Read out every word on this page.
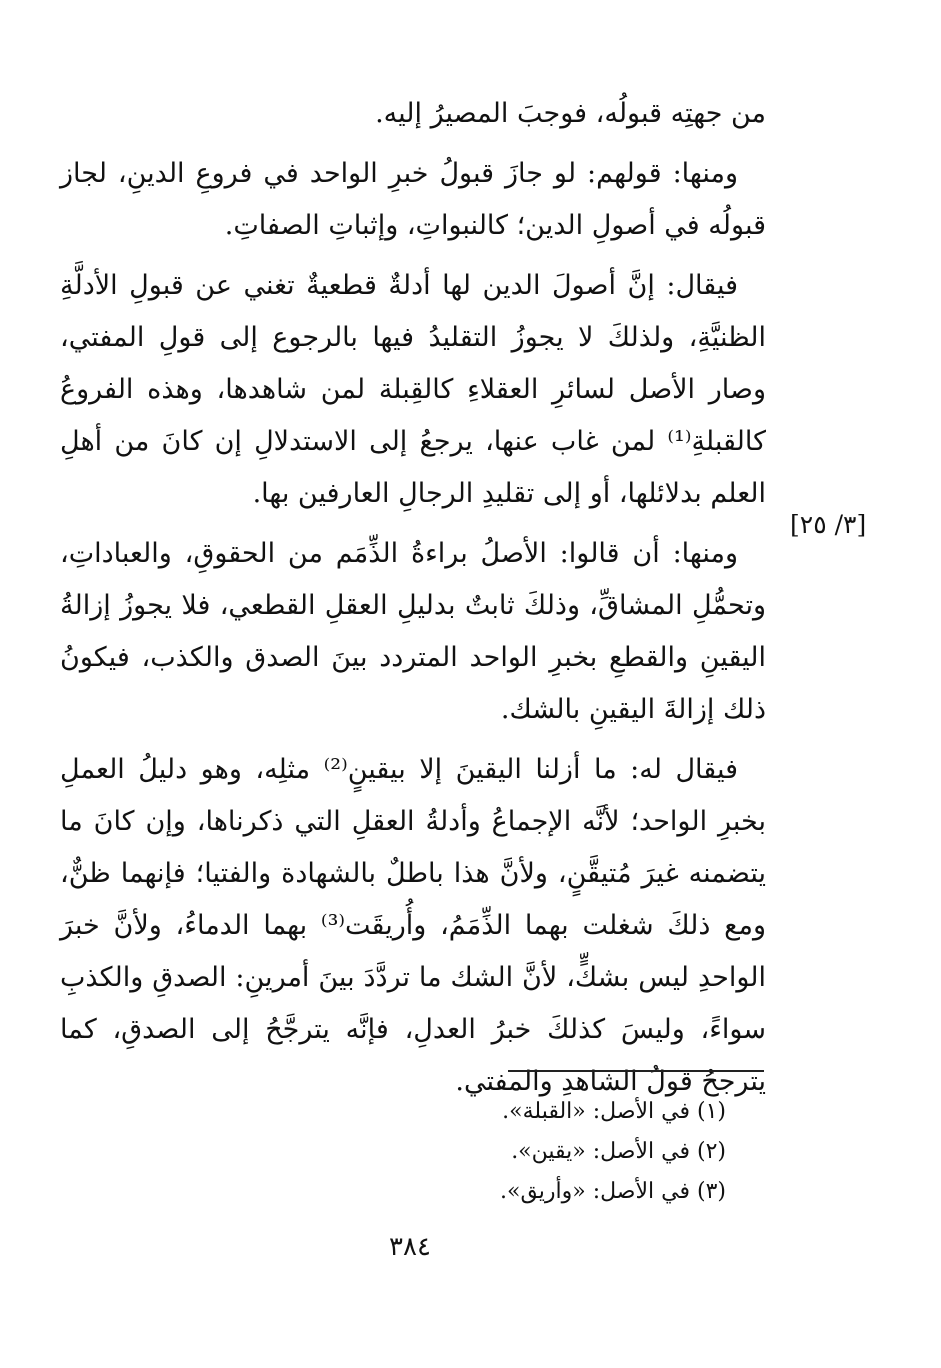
من جهتِه قبولُه، فوجبَ المصيرُ إليه.

ومنها: قولهم: لو جازَ قبولُ خبرِ الواحد في فروعِ الدينِ، لجاز قبولُه في أصولِ الدين؛ كالنبواتِ، وإثباتِ الصفاتِ.

فيقال: إنَّ أصولَ الدين لها أدلةٌ قطعيةٌ تغني عن قبولِ الأدلَّةِ الظنيَّةِ، ولذلكَ لا يجوزُ التقليدُ فيها بالرجوع إلى قولِ المفتي، وصار الأصل لسائرِ العقلاءِ كالقِبلة لمن شاهدها، وهذه الفروعُ كالقبلةِ⁽¹⁾ لمن غاب عنها، يرجعُ إلى الاستدلالِ إن كانَ من أهلِ العلم بدلائلها، أو إلى تقليدِ الرجالِ العارفين بها.

ومنها: أن قالوا: الأصلُ براءةُ الذِّمَم من الحقوقِ، والعباداتِ، وتحمُّلِ المشاقِّ، وذلكَ ثابتٌ بدليلِ العقلِ القطعي، فلا يجوزُ إزالةُ اليقينِ والقطعِ بخبرِ الواحد المتردد بينَ الصدق والكذب، فيكونُ ذلك إزالةَ اليقينِ بالشك.

فيقال له: ما أزلنا اليقينَ إلا بيقينٍ⁽²⁾ مثلِه، وهو دليلُ العملِ بخبرِ الواحد؛ لأنَّه الإجماعُ وأدلةُ العقلِ التي ذكرناها، وإن كانَ ما يتضمنه غيرَ مُتيقَّنٍ، ولأنَّ هذا باطلٌ بالشهادة والفتيا؛ فإنهما ظنٌّ، ومع ذلكَ شغلت بهما الذِّمَمُ، وأُريقَت⁽³⁾ بهما الدماءُ، ولأنَّ خبرَ الواحدِ ليس بشكٍّ، لأنَّ الشك ما تردَّدَ بينَ أمرينِ: الصدقِ والكذبِ سواءً، وليسَ كذلكَ خبرُ العدلِ، فإنَّه يترجَّحُ إلى الصدقِ، كما يترجحُ قولُ الشاهدِ والمفتي.

[٣/ ٢٥]

(١) في الأصل: «القبلة».

(٢) في الأصل: «يقين».

(٣) في الأصل: «وأريق».

٣٨٤
